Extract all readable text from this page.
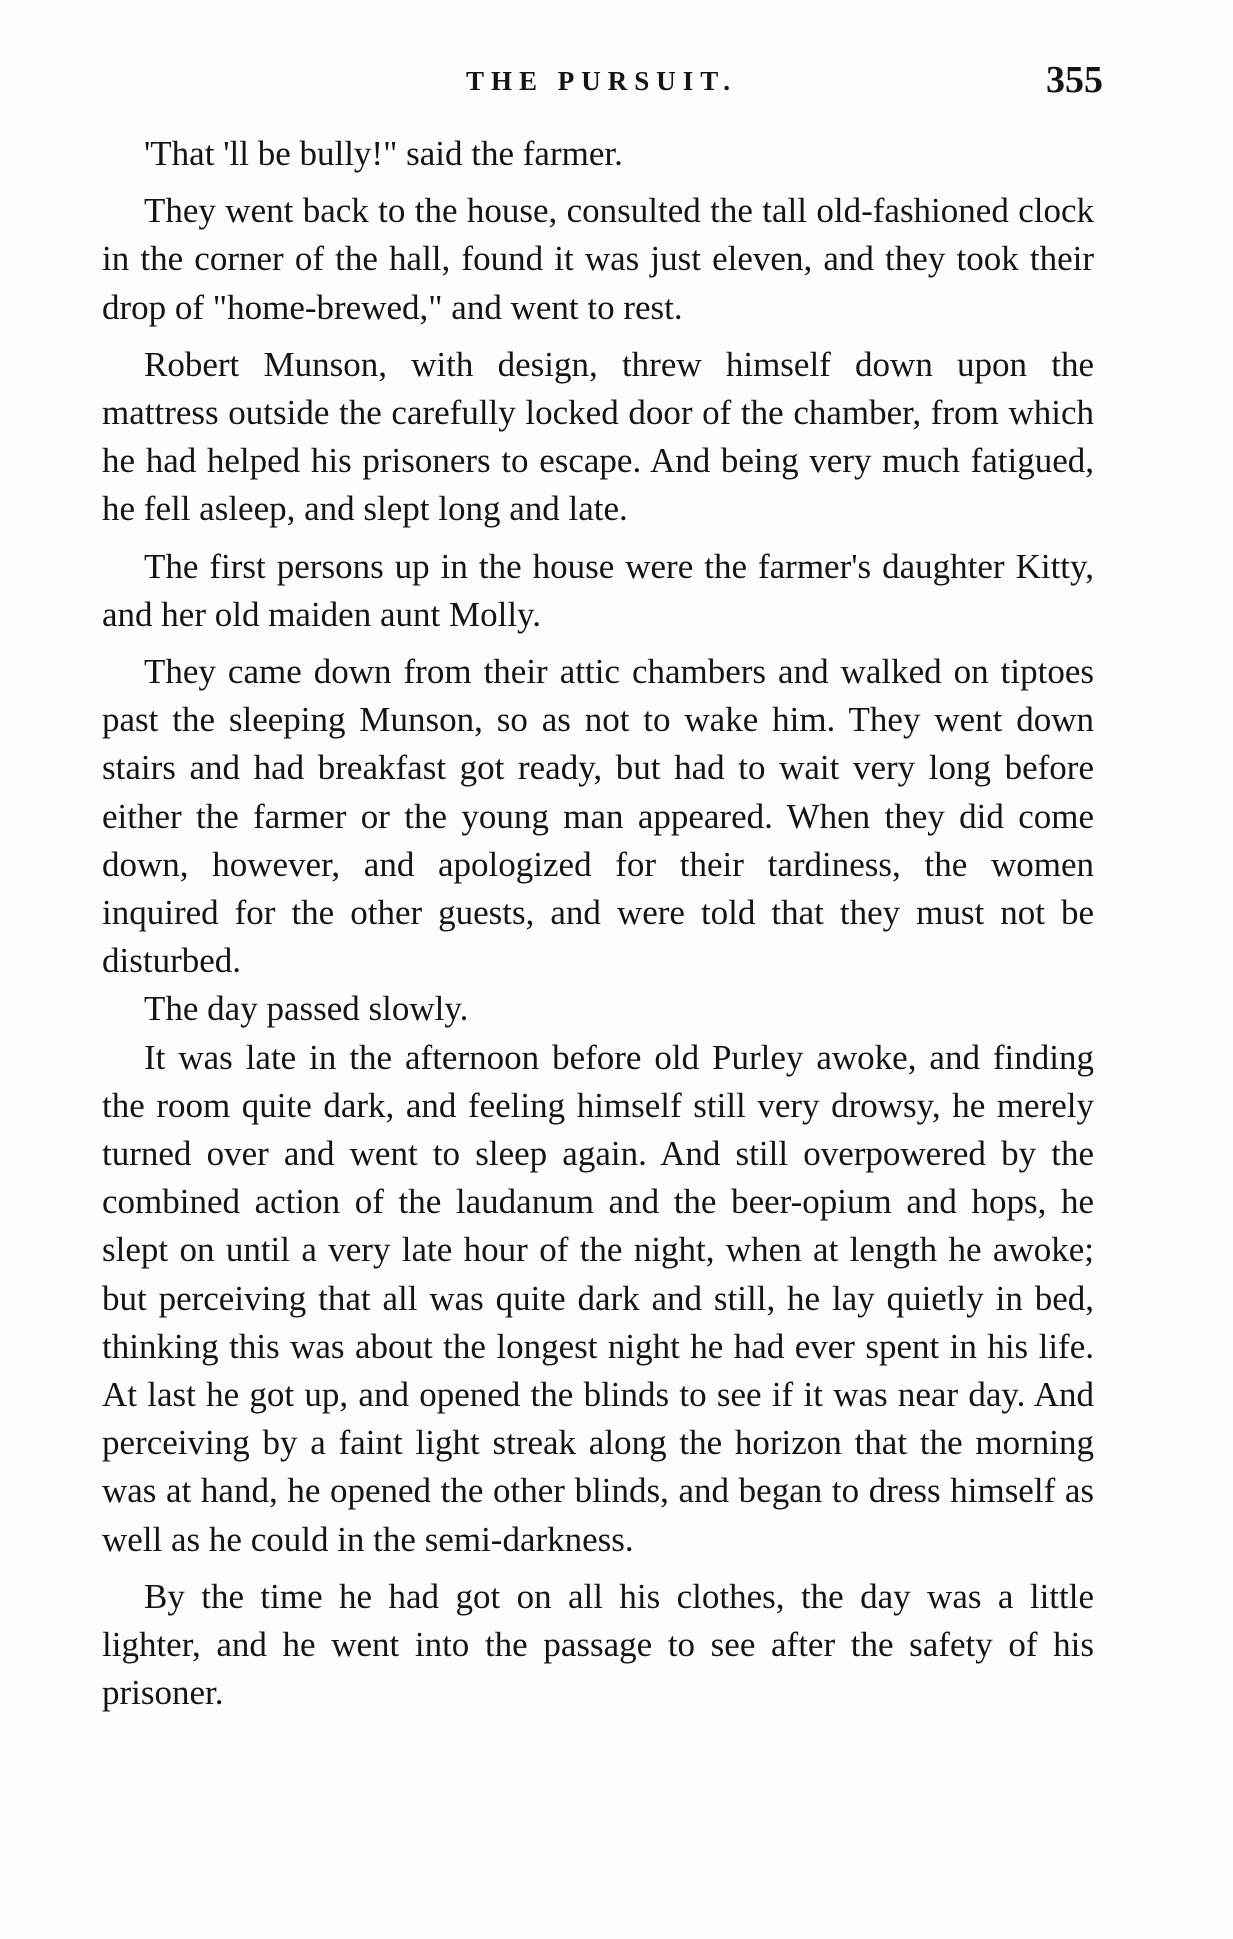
THE PURSUIT.	355

'That 'll be bully!" said the farmer.

They went back to the house, consulted the tall old-fashioned clock in the corner of the hall, found it was just eleven, and they took their drop of "home-brewed," and went to rest.

Robert Munson, with design, threw himself down upon the mattress outside the carefully locked door of the chamber, from which he had helped his prisoners to escape. And being very much fatigued, he fell asleep, and slept long and late.

The first persons up in the house were the farmer's daughter Kitty, and her old maiden aunt Molly.

They came down from their attic chambers and walked on tiptoes past the sleeping Munson, so as not to wake him. They went down stairs and had breakfast got ready, but had to wait very long before either the farmer or the young man appeared. When they did come down, however, and apologized for their tardiness, the women inquired for the other guests, and were told that they must not be disturbed.

The day passed slowly.

It was late in the afternoon before old Purley awoke, and finding the room quite dark, and feeling himself still very drowsy, he merely turned over and went to sleep again. And still overpowered by the combined action of the laudanum and the beer-opium and hops, he slept on until a very late hour of the night, when at length he awoke; but perceiving that all was quite dark and still, he lay quietly in bed, thinking this was about the longest night he had ever spent in his life. At last he got up, and opened the blinds to see if it was near day. And perceiving by a faint light streak along the horizon that the morning was at hand, he opened the other blinds, and began to dress himself as well as he could in the semi-darkness.

By the time he had got on all his clothes, the day was a little lighter, and he went into the passage to see after the safety of his prisoner.
